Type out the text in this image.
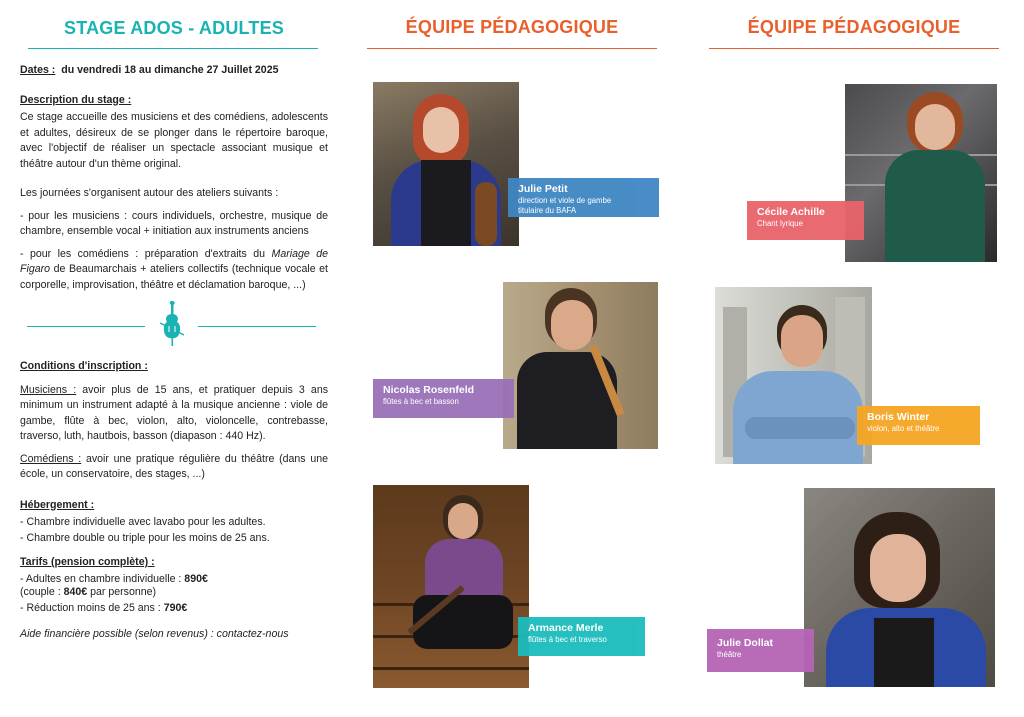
STAGE ADOS - ADULTES
Dates : du vendredi 18 au dimanche 27 Juillet 2025
Description du stage :
Ce stage accueille des musiciens et des comédiens, adolescents et adultes, désireux de se plonger dans le répertoire baroque, avec l'objectif de réaliser un spectacle associant musique et théâtre autour d'un thème original.
Les journées s'organisent autour des ateliers suivants :
- pour les musiciens : cours individuels, orchestre, musique de chambre, ensemble vocal + initiation aux instruments anciens
- pour les comédiens : préparation d'extraits du Mariage de Figaro de Beaumarchais + ateliers collectifs (technique vocale et corporelle, improvisation, théâtre et déclamation baroque, ...)
Conditions d'inscription :
Musiciens : avoir plus de 15 ans, et pratiquer depuis 3 ans minimum un instrument adapté à la musique ancienne : viole de gambe, flûte à bec, violon, alto, violoncelle, contrebasse, traverso, luth, hautbois, basson (diapason : 440 Hz).
Comédiens : avoir une pratique régulière du théâtre (dans une école, un conservatoire, des stages, ...)
Hébergement :
- Chambre individuelle avec lavabo pour les adultes.
- Chambre double ou triple pour les moins de 25 ans.
Tarifs (pension complète) :
- Adultes en chambre individuelle : 890€
(couple : 840€ par personne)
- Réduction moins de 25 ans : 790€
Aide financière possible (selon revenus) : contactez-nous
ÉQUIPE PÉDAGOGIQUE	ÉQUIPE PÉDAGOGIQUE
Julie Petit
direction et viole de gambe
titulaire du BAFA
Nicolas Rosenfeld
flûtes à bec et basson
Armance Merle
flûtes à bec et traverso
Cécile Achille
Chant lyrique
Boris Winter
violon, alto et théâtre
Julie Dollat
théâtre
